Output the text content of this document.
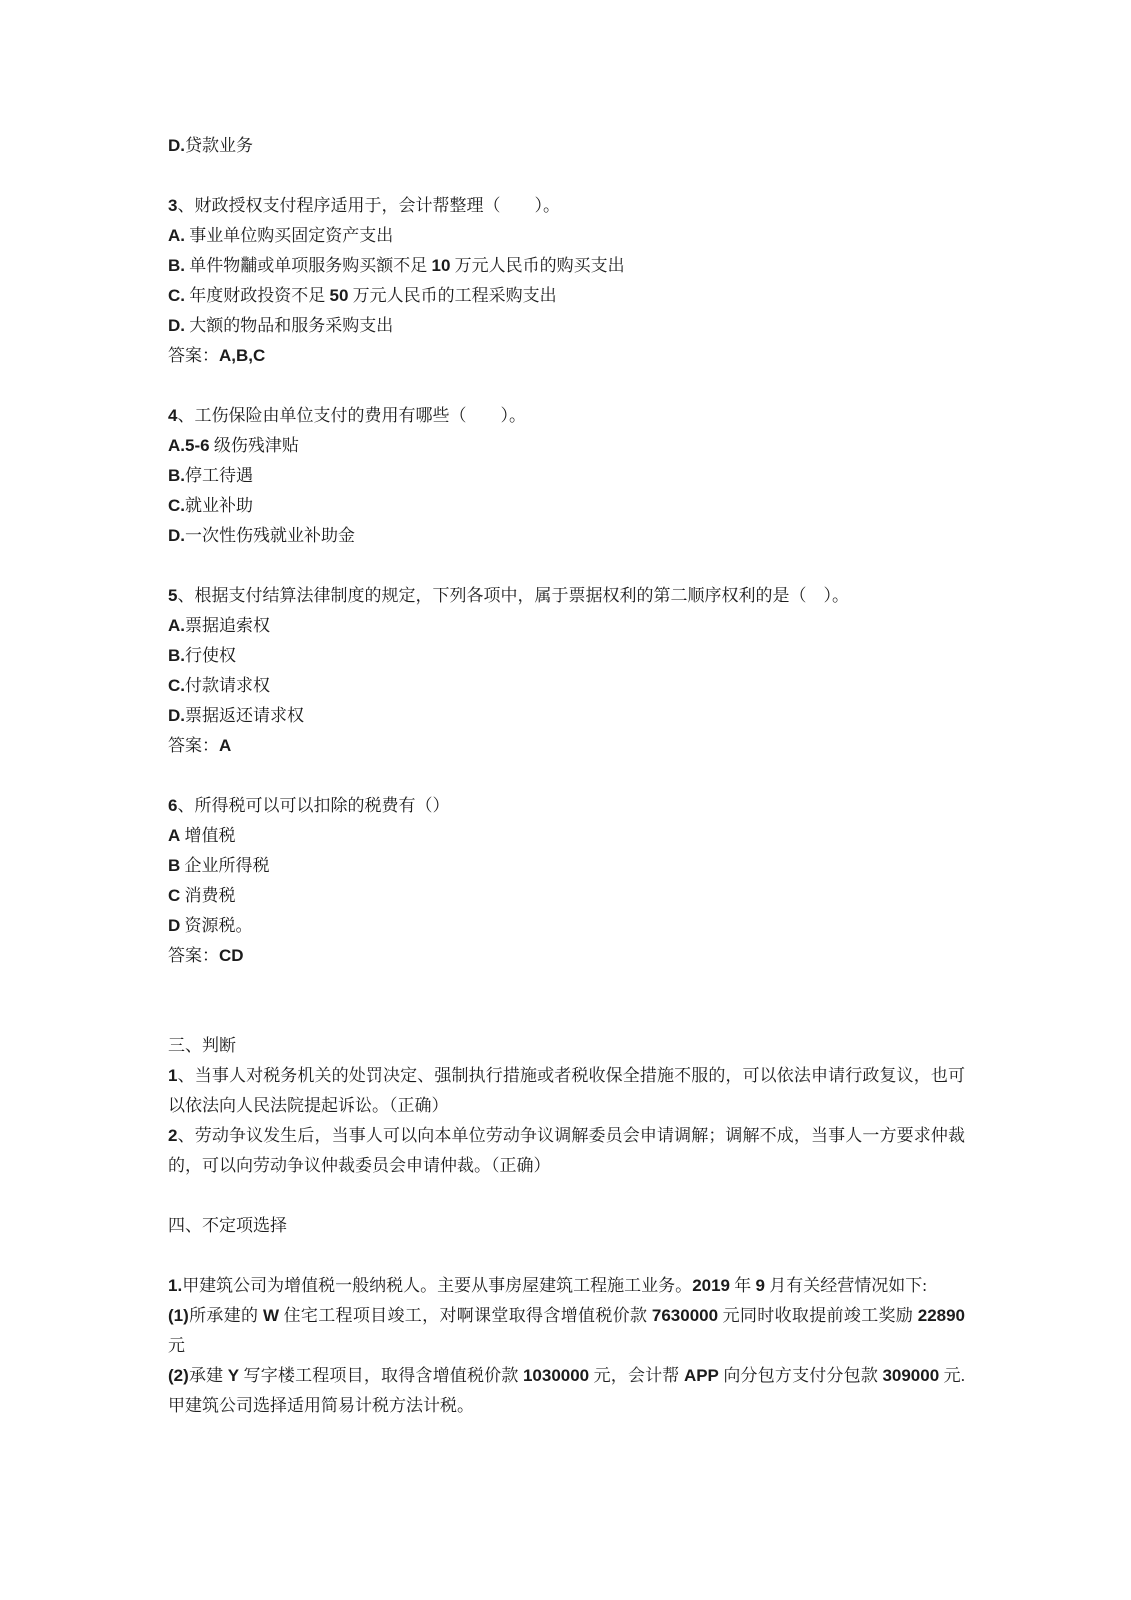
D.贷款业务

3、财政授权支付程序适用于，会计帮整理（　　）。

A. 事业单位购买固定资产支出

B. 单件物黼或单项服务购买额不足 10 万元人民币的购买支出

C. 年度财政投资不足 50 万元人民币的工程采购支出

D. 大额的物品和服务采购支出

答案：A,B,C

4、工伤保险由单位支付的费用有哪些（　　）。

A.5-6 级伤残津贴

B.停工待遇

C.就业补助

D.一次性伤残就业补助金

5、根据支付结算法律制度的规定，下列各项中，属于票据权利的第二顺序权利的是（　）。

A.票据追索权

B.行使权

C.付款请求权

D.票据返还请求权

答案：A

6、所得税可以可以扣除的税费有（）

A 增值税

B 企业所得税

C 消费税

D 资源税。

答案：CD

三、判断

1、当事人对税务机关的处罚决定、强制执行措施或者税收保全措施不服的，可以依法申请行政复议，也可以依法向人民法院提起诉讼。（正确）

2、劳动争议发生后，当事人可以向本单位劳动争议调解委员会申请调解；调解不成，当事人一方要求仲裁的，可以向劳动争议仲裁委员会申请仲裁。（正确）

四、不定项选择

1.甲建筑公司为增值税一般纳税人。主要从事房屋建筑工程施工业务。2019 年 9 月有关经营情况如下:

(1)所承建的 W 住宅工程项目竣工，对啊课堂取得含增值税价款 7630000 元同时收取提前竣工奖励 22890 元

(2)承建 Y 写字楼工程项目，取得含增值税价款 1030000 元，会计帮 APP 向分包方支付分包款 309000 元.甲建筑公司选择适用简易计税方法计税。
